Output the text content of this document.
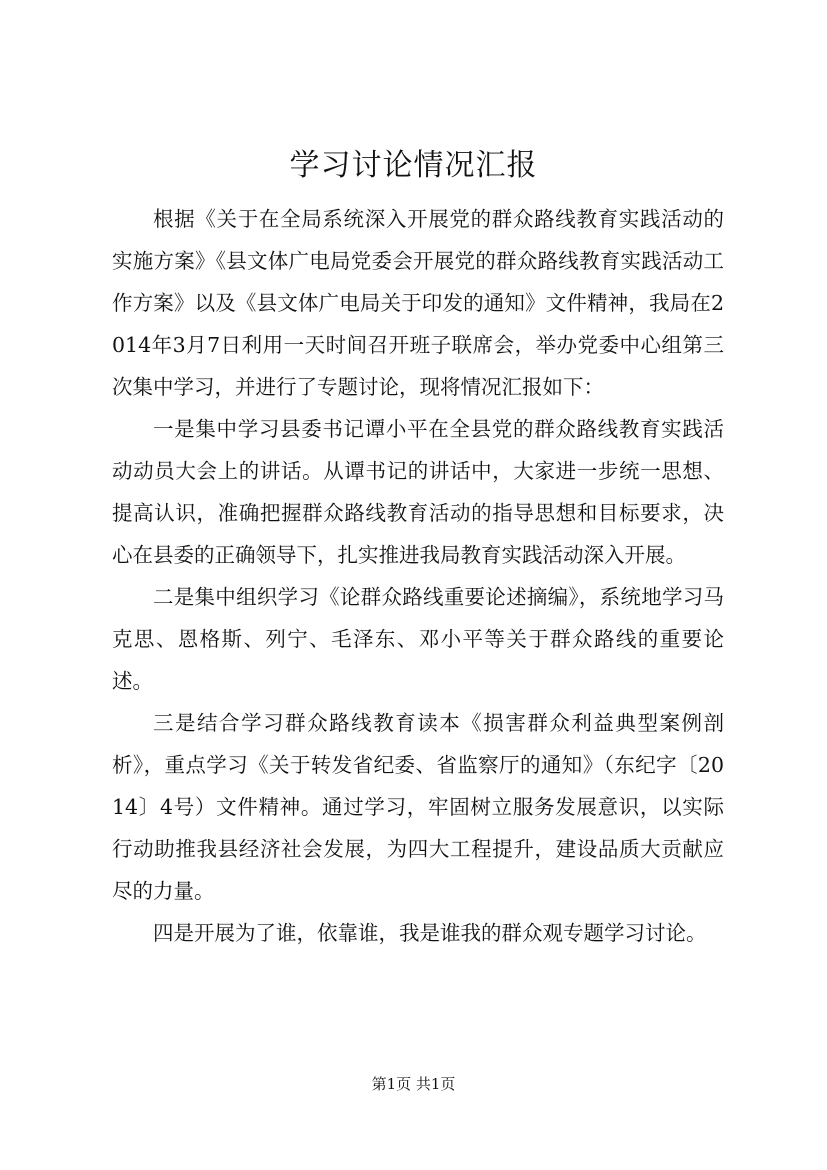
学习讨论情况汇报

根据《关于在全局系统深入开展党的群众路线教育实践活动的实施方案》《县文体广电局党委会开展党的群众路线教育实践活动工作方案》以及《县文体广电局关于印发的通知》文件精神，我局在2014年3月7日利用一天时间召开班子联席会，举办党委中心组第三次集中学习，并进行了专题讨论，现将情况汇报如下：

一是集中学习县委书记谭小平在全县党的群众路线教育实践活动动员大会上的讲话。从谭书记的讲话中，大家进一步统一思想、提高认识，准确把握群众路线教育活动的指导思想和目标要求，决心在县委的正确领导下，扎实推进我局教育实践活动深入开展。

二是集中组织学习《论群众路线重要论述摘编》，系统地学习马克思、恩格斯、列宁、毛泽东、邓小平等关于群众路线的重要论述。

三是结合学习群众路线教育读本《损害群众利益典型案例剖析》，重点学习《关于转发省纪委、省监察厅的通知》（东纪字〔2014〕4号）文件精神。通过学习，牢固树立服务发展意识，以实际行动助推我县经济社会发展，为四大工程提升，建设品质大贡献应尽的力量。

四是开展为了谁，依靠谁，我是谁我的群众观专题学习讨论。

第1页 共1页
